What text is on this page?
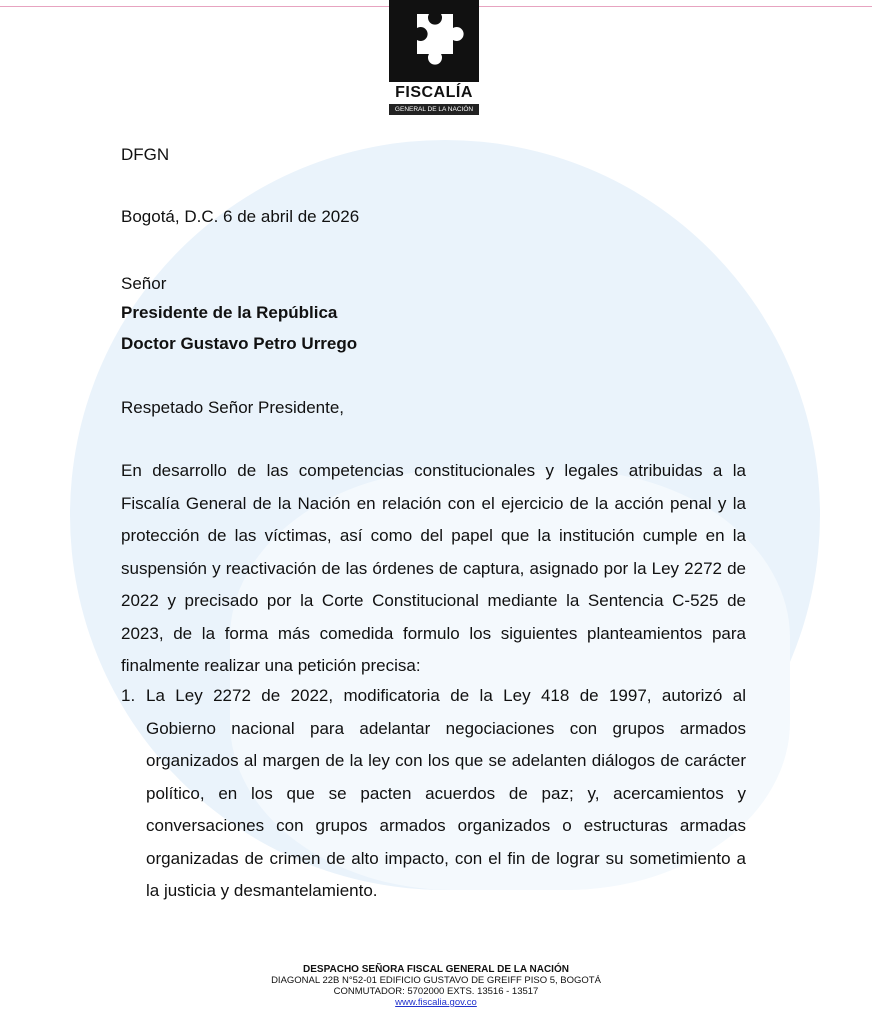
FISCALÍA
GENERAL DE LA NACIÓN
DFGN
Bogotá, D.C. 6 de abril de 2026
Señor
Presidente de la República
Doctor Gustavo Petro Urrego
Respetado Señor Presidente,
En desarrollo de las competencias constitucionales y legales atribuidas a la Fiscalía General de la Nación en relación con el ejercicio de la acción penal y la protección de las víctimas, así como del papel que la institución cumple en la suspensión y reactivación de las órdenes de captura, asignado por la Ley 2272 de 2022 y precisado por la Corte Constitucional mediante la Sentencia C-525 de 2023, de la forma más comedida formulo los siguientes planteamientos para finalmente realizar una petición precisa:
1. La Ley 2272 de 2022, modificatoria de la Ley 418 de 1997, autorizó al Gobierno nacional para adelantar negociaciones con grupos armados organizados al margen de la ley con los que se adelanten diálogos de carácter político, en los que se pacten acuerdos de paz; y, acercamientos y conversaciones con grupos armados organizados o estructuras armadas organizadas de crimen de alto impacto, con el fin de lograr su sometimiento a la justicia y desmantelamiento.
DESPACHO SEÑORA FISCAL GENERAL DE LA NACIÓN
DIAGONAL 22B N°52-01 EDIFICIO GUSTAVO DE GREIFF PISO 5, BOGOTÁ
CONMUTADOR: 5702000 EXTS. 13516 - 13517
www.fiscalia.gov.co
